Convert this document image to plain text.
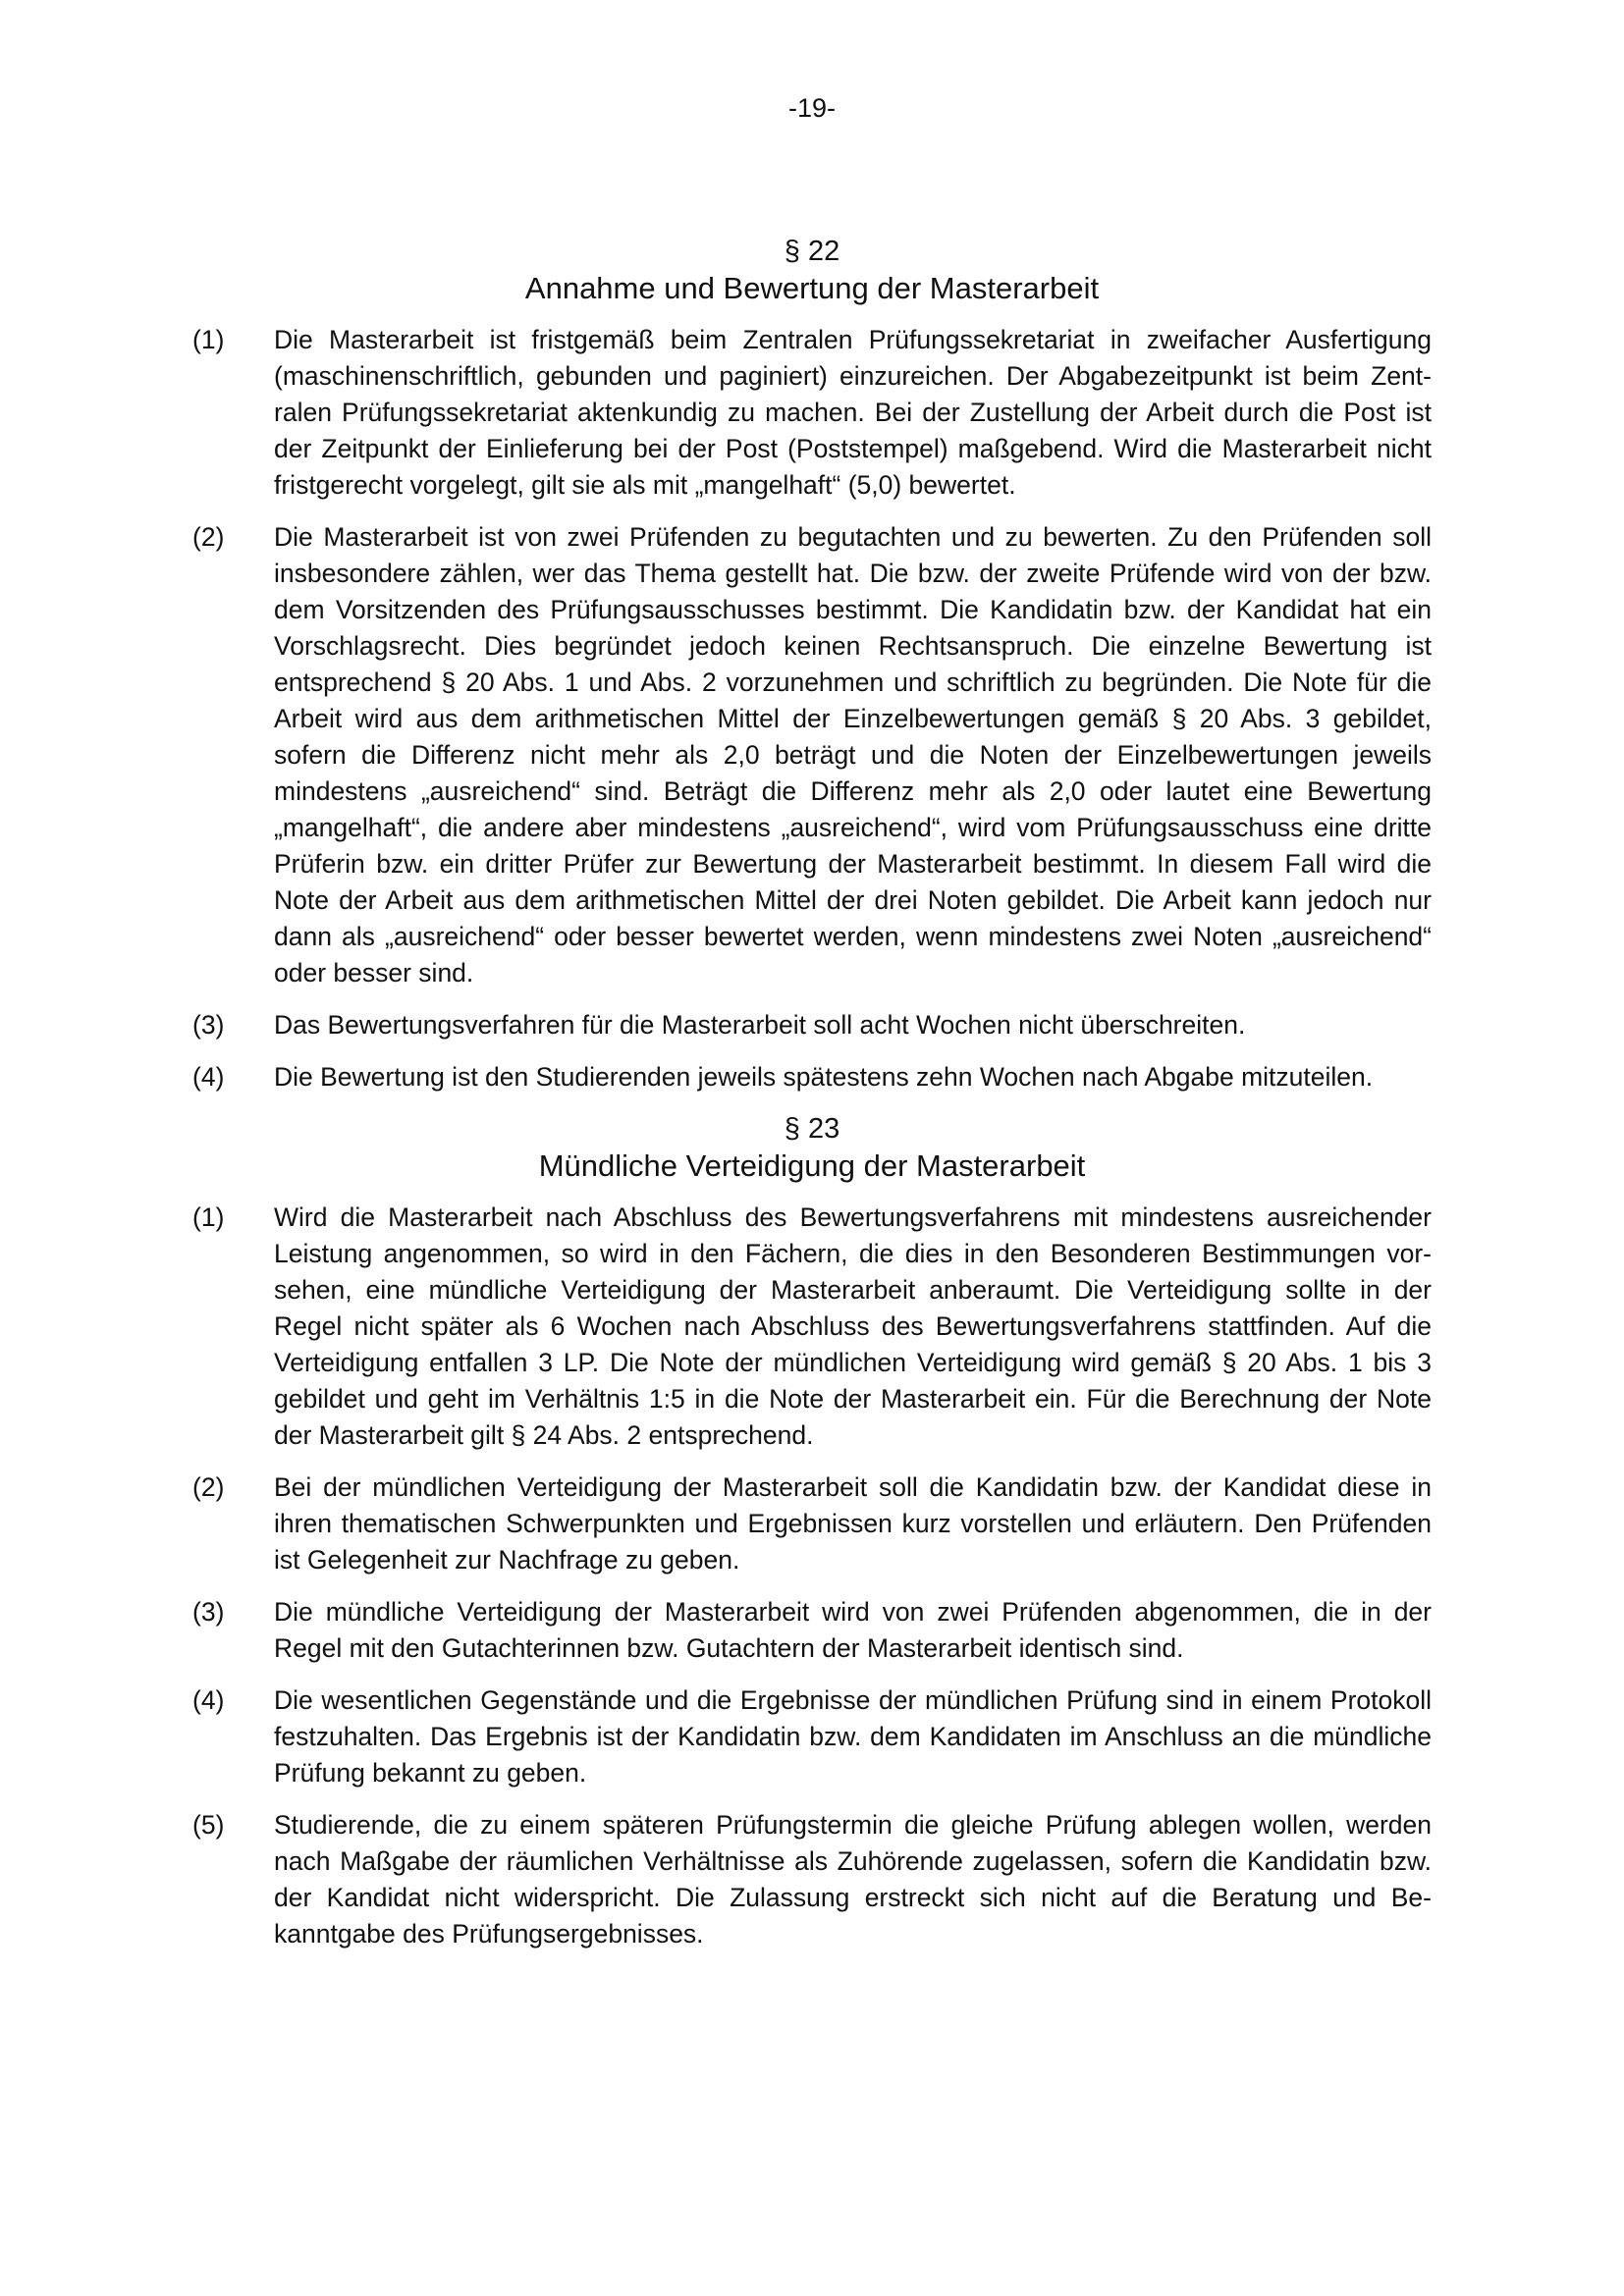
-19-
§ 22
Annahme und Bewertung der Masterarbeit
(1)	Die Masterarbeit ist fristgemäß beim Zentralen Prüfungssekretariat in zweifacher Ausfertigung (maschinenschriftlich, gebunden und paginiert) einzureichen. Der Abgabezeitpunkt ist beim Zentralen Prüfungssekretariat aktenkundig zu machen. Bei der Zustellung der Arbeit durch die Post ist der Zeitpunkt der Einlieferung bei der Post (Poststempel) maßgebend. Wird die Masterarbeit nicht fristgerecht vorgelegt, gilt sie als mit „mangelhaft“ (5,0) bewertet.
(2)	Die Masterarbeit ist von zwei Prüfenden zu begutachten und zu bewerten. Zu den Prüfenden soll insbesondere zählen, wer das Thema gestellt hat. Die bzw. der zweite Prüfende wird von der bzw. dem Vorsitzenden des Prüfungsausschusses bestimmt. Die Kandidatin bzw. der Kandidat hat ein Vorschlagsrecht. Dies begründet jedoch keinen Rechtsanspruch. Die einzelne Bewertung ist entsprechend § 20 Abs. 1 und Abs. 2 vorzunehmen und schriftlich zu begründen. Die Note für die Arbeit wird aus dem arithmetischen Mittel der Einzelbewertungen gemäß § 20 Abs. 3 gebildet, sofern die Differenz nicht mehr als 2,0 beträgt und die Noten der Einzelbewertungen jeweils mindestens „ausreichend“ sind. Beträgt die Differenz mehr als 2,0 oder lautet eine Bewertung „mangelhaft“, die andere aber mindestens „ausreichend“, wird vom Prüfungsausschuss eine dritte Prüferin bzw. ein dritter Prüfer zur Bewertung der Masterarbeit bestimmt. In diesem Fall wird die Note der Arbeit aus dem arithmetischen Mittel der drei Noten gebildet. Die Arbeit kann jedoch nur dann als „ausreichend“ oder besser bewertet werden, wenn mindestens zwei Noten „ausreichend“ oder besser sind.
(3)	Das Bewertungsverfahren für die Masterarbeit soll acht Wochen nicht überschreiten.
(4)	Die Bewertung ist den Studierenden jeweils spätestens zehn Wochen nach Abgabe mitzuteilen.
§ 23
Mündliche Verteidigung der Masterarbeit
(1)	Wird die Masterarbeit nach Abschluss des Bewertungsverfahrens mit mindestens ausreichender Leistung angenommen, so wird in den Fächern, die dies in den Besonderen Bestimmungen vorsehen, eine mündliche Verteidigung der Masterarbeit anberaumt. Die Verteidigung sollte in der Regel nicht später als 6 Wochen nach Abschluss des Bewertungsverfahrens stattfinden. Auf die Verteidigung entfallen 3 LP. Die Note der mündlichen Verteidigung wird gemäß § 20 Abs. 1 bis 3 gebildet und geht im Verhältnis 1:5 in die Note der Masterarbeit ein. Für die Berechnung der Note der Masterarbeit gilt § 24 Abs. 2 entsprechend.
(2)	Bei der mündlichen Verteidigung der Masterarbeit soll die Kandidatin bzw. der Kandidat diese in ihren thematischen Schwerpunkten und Ergebnissen kurz vorstellen und erläutern. Den Prüfenden ist Gelegenheit zur Nachfrage zu geben.
(3)	Die mündliche Verteidigung der Masterarbeit wird von zwei Prüfenden abgenommen, die in der Regel mit den Gutachterinnen bzw. Gutachtern der Masterarbeit identisch sind.
(4)	Die wesentlichen Gegenstände und die Ergebnisse der mündlichen Prüfung sind in einem Protokoll festzuhalten. Das Ergebnis ist der Kandidatin bzw. dem Kandidaten im Anschluss an die mündliche Prüfung bekannt zu geben.
(5)	Studierende, die zu einem späteren Prüfungstermin die gleiche Prüfung ablegen wollen, werden nach Maßgabe der räumlichen Verhältnisse als Zuhörende zugelassen, sofern die Kandidatin bzw. der Kandidat nicht widerspricht. Die Zulassung erstreckt sich nicht auf die Beratung und Bekanntgabe des Prüfungsergebnisses.
